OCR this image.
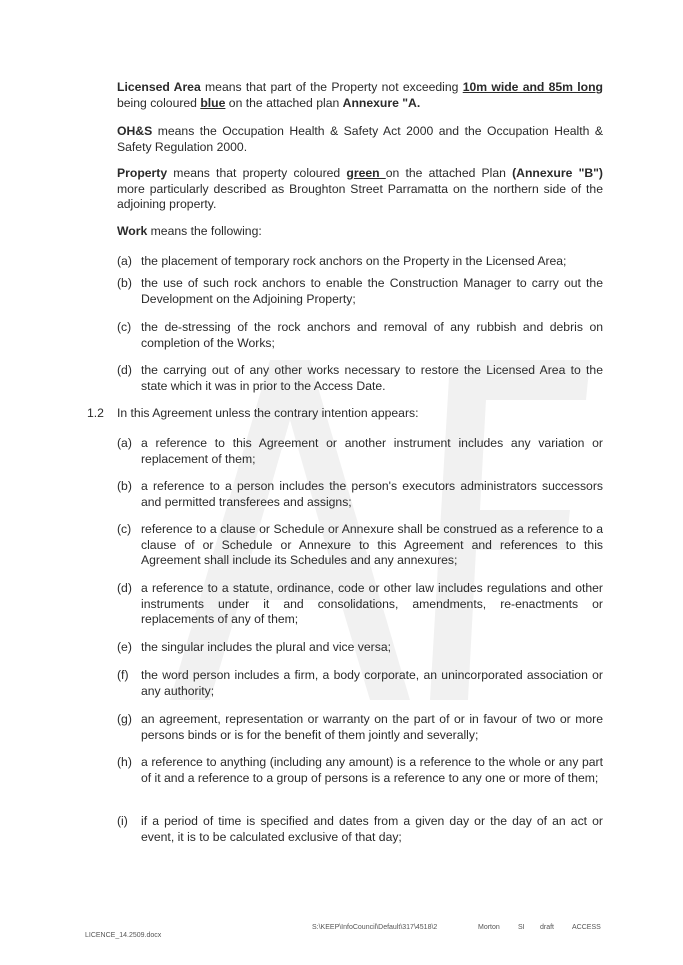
Licensed Area means that part of the Property not exceeding 10m wide and 85m long being coloured blue on the attached plan Annexure "A.
OH&S means the Occupation Health & Safety Act 2000 and the Occupation Health & Safety Regulation 2000.
Property means that property coloured green on the attached Plan (Annexure "B") more particularly described as Broughton Street Parramatta on the northern side of the adjoining property.
Work means the following:
(a) the placement of temporary rock anchors on the Property in the Licensed Area;
(b) the use of such rock anchors to enable the Construction Manager to carry out the Development on the Adjoining Property;
(c) the de-stressing of the rock anchors and removal of any rubbish and debris on completion of the Works;
(d) the carrying out of any other works necessary to restore the Licensed Area to the state which it was in prior to the Access Date.
1.2 In this Agreement unless the contrary intention appears:
(a) a reference to this Agreement or another instrument includes any variation or replacement of them;
(b) a reference to a person includes the person's executors administrators successors and permitted transferees and assigns;
(c) reference to a clause or Schedule or Annexure shall be construed as a reference to a clause of or Schedule or Annexure to this Agreement and references to this Agreement shall include its Schedules and any annexures;
(d) a reference to a statute, ordinance, code or other law includes regulations and other instruments under it and consolidations, amendments, re-enactments or replacements of any of them;
(e) the singular includes the plural and vice versa;
(f)	the word person includes a firm, a body corporate, an unincorporated association or any authority;
(g) an agreement, representation or warranty on the part of or in favour of two or more persons binds or is for the benefit of them jointly and severally;
(h) a reference to anything (including any amount) is a reference to the whole or any part of it and a reference to a group of persons is a reference to any one or more of them;
(i)	if a period of time is specified and dates from a given day or the day of an act or event, it is to be calculated exclusive of that day;
LICENCE_14.2509.docx
S:\KEEP\InfoCouncil\Default\317\4518\2	Morton	SI draft	ACCESS
